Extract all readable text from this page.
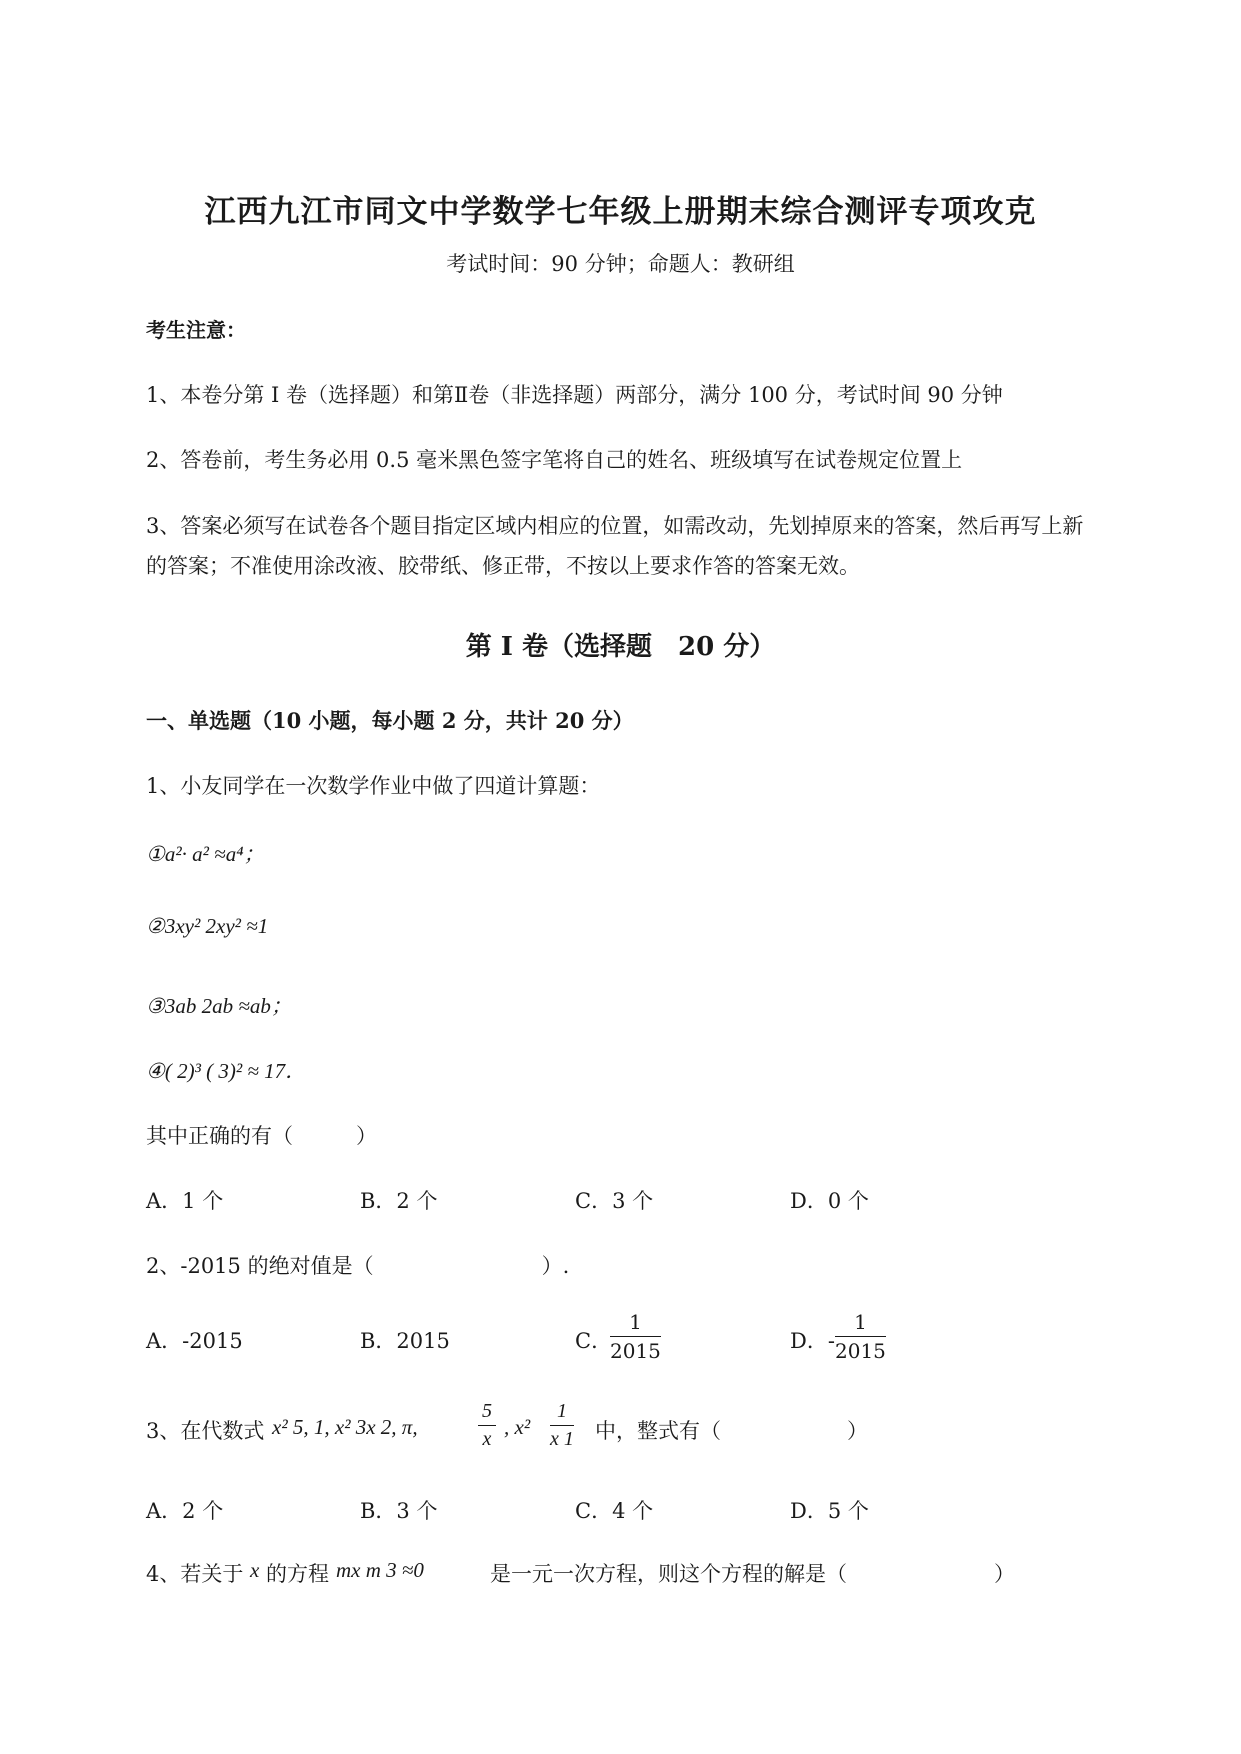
江西九江市同文中学数学七年级上册期末综合测评专项攻克
考试时间：90 分钟；命题人：教研组
考生注意：
1、本卷分第 I 卷（选择题）和第Ⅱ卷（非选择题）两部分，满分 100 分，考试时间 90 分钟
2、答卷前，考生务必用 0.5 毫米黑色签字笔将自己的姓名、班级填写在试卷规定位置上
3、答案必须写在试卷各个题目指定区域内相应的位置，如需改动，先划掉原来的答案，然后再写上新
的答案；不准使用涂改液、胶带纸、修正带，不按以上要求作答的答案无效。
第 I 卷（选择题　20 分）
一、单选题（10 小题，每小题 2 分，共计 20 分）
1、小友同学在一次数学作业中做了四道计算题：
①a²· a² ≈a⁴；
②3xy² 2xy² ≈1
③3ab 2ab ≈ab；
④( 2)³ ( 3)² ≈ 17．
其中正确的有（　　　）
A．1 个	B．2 个	C．3 个	D．0 个
2、-2015 的绝对值是（　　　　　　　　）.
A．-2015	B．2015	C．
$\frac{1}{2015}$	D．- $\frac{1}{2015}$
3、在代数式 x² 5, 1, x² 3x 2, π,	$\frac{5}{x}$ , $x^2 \frac{1}{x 1}$ 中，整式有（　　　　　　）
A．2 个	B．3 个	C．4 个	D．5 个
4、若关于 x 的方程 mx m 3 ≈0	是一元一次方程，则这个方程的解是（　　　　　　　）
